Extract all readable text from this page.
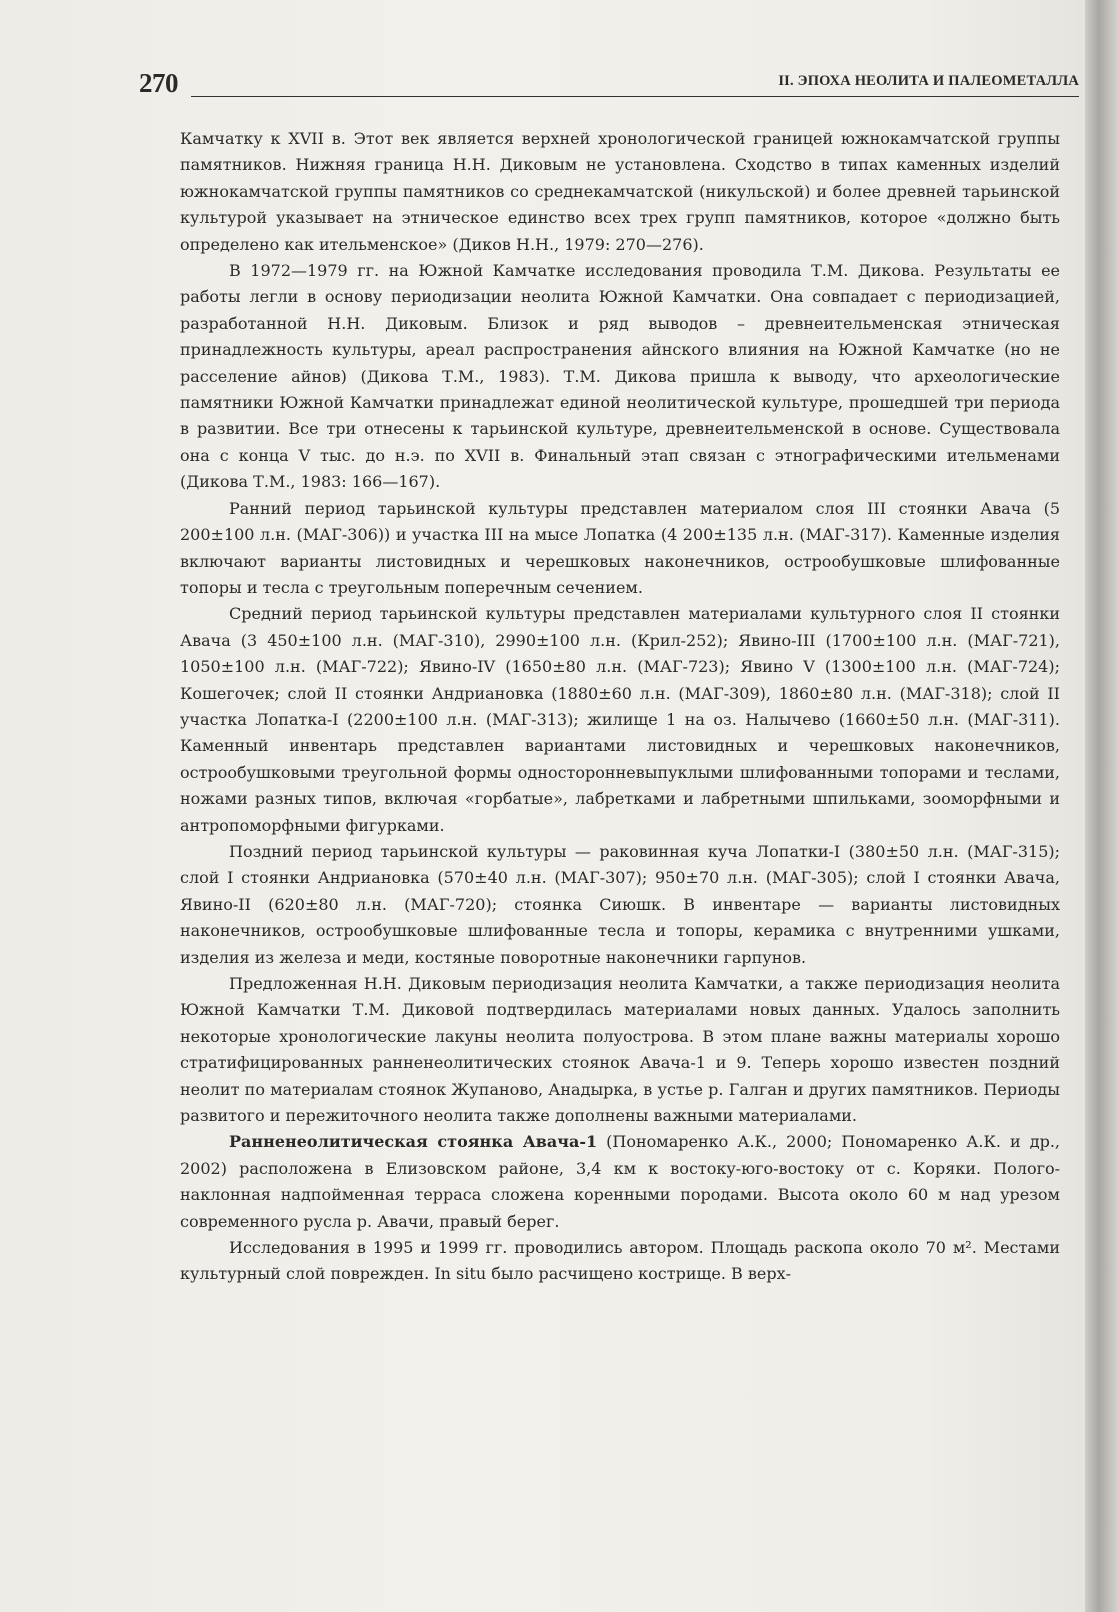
270	II. ЭПОХА НЕОЛИТА И ПАЛЕОМЕТАЛЛА

Камчатку к XVII в. Этот век является верхней хронологической границей южнокамчатской группы памятников. Нижняя граница Н.Н. Диковым не установлена. Сходство в типах каменных изделий южнокамчатской группы памятников со среднекамчатской (никульской) и более древней тарьинской культурой указывает на этническое единство всех трех групп памятников, которое «должно быть определено как ительменское» (Диков Н.Н., 1979: 270—276).

В 1972—1979 гг. на Южной Камчатке исследования проводила Т.М. Дикова. Результаты ее работы легли в основу периодизации неолита Южной Камчатки. Она совпадает с периодизацией, разработанной Н.Н. Диковым. Близок и ряд выводов – древнеительменская этническая принадлежность культуры, ареал распространения айнского влияния на Южной Камчатке (но не расселение айнов) (Дикова Т.М., 1983). Т.М. Дикова пришла к выводу, что археологические памятники Южной Камчатки принадлежат единой неолитической культуре, прошедшей три периода в развитии. Все три отнесены к тарьинской культуре, древнеительменской в основе. Существовала она с конца V тыс. до н.э. по XVII в. Финальный этап связан с этнографическими ительменами (Дикова Т.М., 1983: 166—167).

Ранний период тарьинской культуры представлен материалом слоя III стоянки Авача (5 200±100 л.н. (МАГ-306)) и участка III на мысе Лопатка (4 200±135 л.н. (МАГ-317). Каменные изделия включают варианты листовидных и черешковых наконечников, острообушковые шлифованные топоры и тесла с треугольным поперечным сечением.

Средний период тарьинской культуры представлен материалами культурного слоя II стоянки Авача (3 450±100 л.н. (МАГ-310), 2990±100 л.н. (Крил-252); Явино-III (1700±100 л.н. (МАГ-721), 1050±100 л.н. (МАГ-722); Явино-IV (1650±80 л.н. (МАГ-723); Явино V (1300±100 л.н. (МАГ-724); Кошегочек; слой II стоянки Андриановка (1880±60 л.н. (МАГ-309), 1860±80 л.н. (МАГ-318); слой II участка Лопатка-I (2200±100 л.н. (МАГ-313); жилище 1 на оз. Налычево (1660±50 л.н. (МАГ-311). Каменный инвентарь представлен вариантами листовидных и черешковых наконечников, острообушковыми треугольной формы односторонневыпуклыми шлифованными топорами и теслами, ножами разных типов, включая «горбатые», лабретками и лабретными шпильками, зооморфными и антропоморфными фигурками.

Поздний период тарьинской культуры — раковинная куча Лопатки-I (380±50 л.н. (МАГ-315); слой I стоянки Андриановка (570±40 л.н. (МАГ-307); 950±70 л.н. (МАГ-305); слой I стоянки Авача, Явино-II (620±80 л.н. (МАГ-720); стоянка Сиюшк. В инвентаре — варианты листовидных наконечников, острообушковые шлифованные тесла и топоры, керамика с внутренними ушками, изделия из железа и меди, костяные поворотные наконечники гарпунов.

Предложенная Н.Н. Диковым периодизация неолита Камчатки, а также периодизация неолита Южной Камчатки Т.М. Диковой подтвердилась материалами новых данных. Удалось заполнить некоторые хронологические лакуны неолита полуострова. В этом плане важны материалы хорошо стратифицированных ранненеолитических стоянок Авача-1 и 9. Теперь хорошо известен поздний неолит по материалам стоянок Жупаново, Анадырка, в устье р. Галган и других памятников. Периоды развитого и пережиточного неолита также дополнены важными материалами.

Ранненеолитическая стоянка Авача-1 (Пономаренко А.К., 2000; Пономаренко А.К. и др., 2002) расположена в Елизовском районе, 3,4 км к востоку-юго-востоку от с. Коряки. Полого-наклонная надпойменная терраса сложена коренными породами. Высота около 60 м над урезом современного русла р. Авачи, правый берег.

Исследования в 1995 и 1999 гг. проводились автором. Площадь раскопа около 70 м². Местами культурный слой поврежден. In situ было расчищено кострище. В верх-
